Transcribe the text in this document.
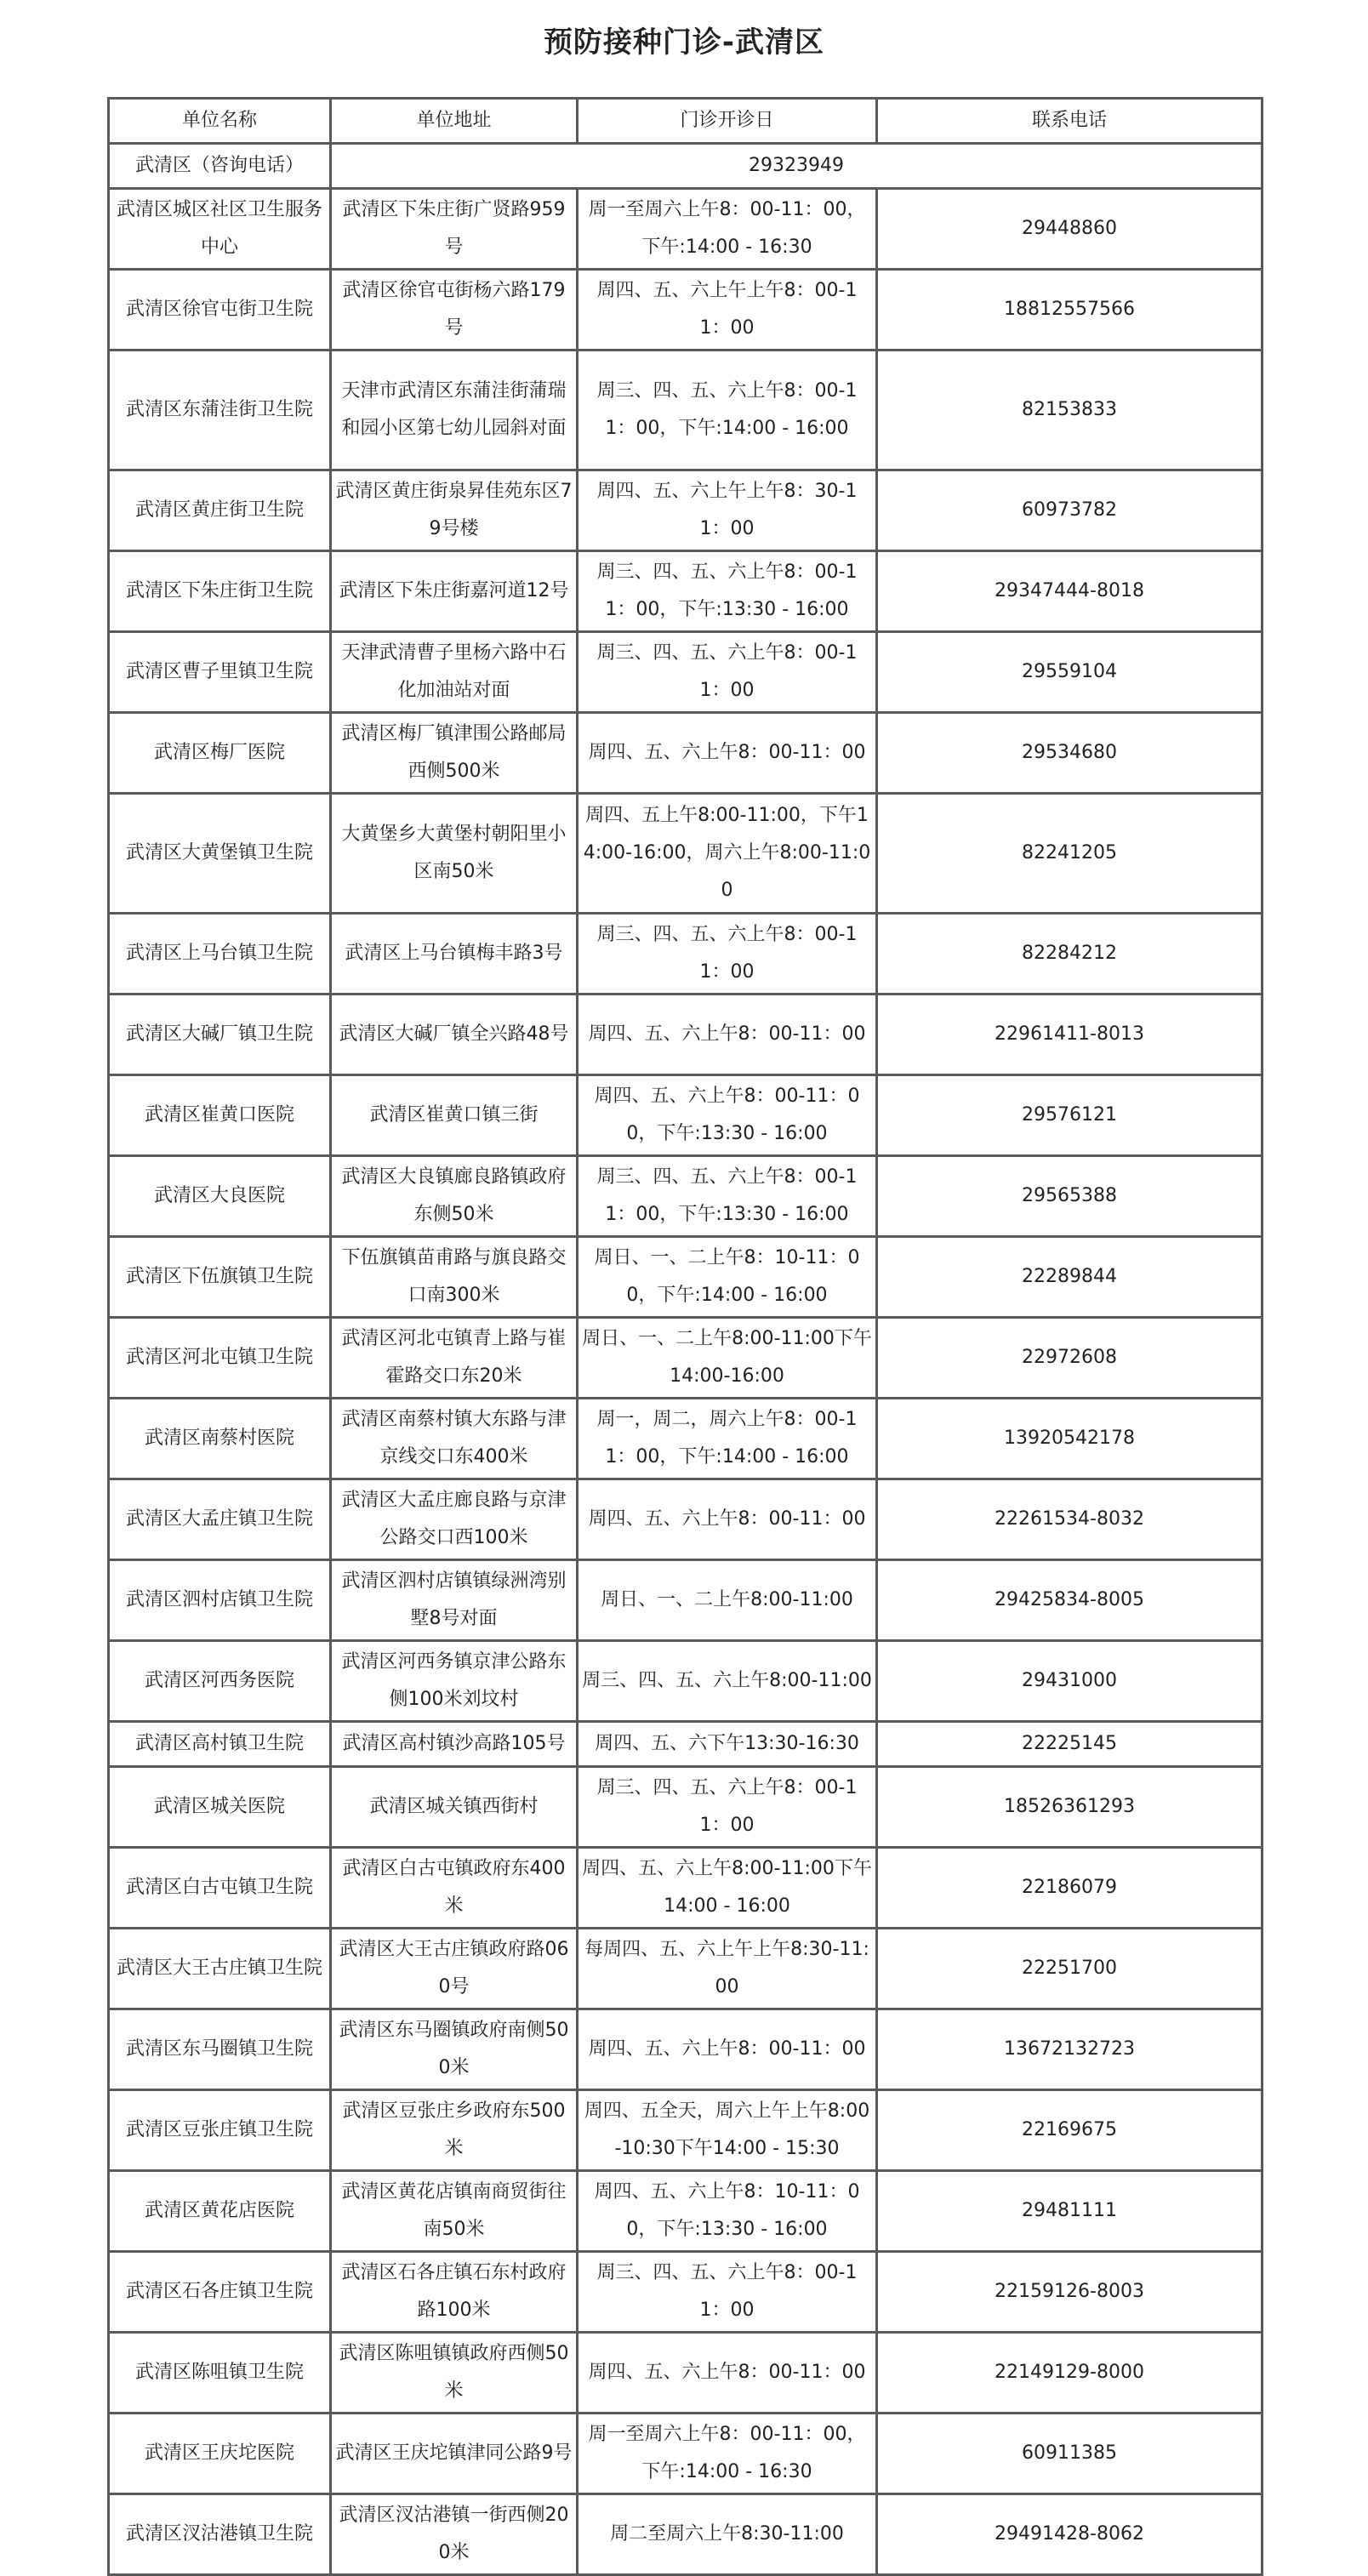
预防接种门诊-武清区
单位名称	单位地址	门诊开诊日	联系电话
武清区（咨询电话）	29323949		
武清区城区社区卫生服务中心	武清区下朱庄街广贤路959号	周一至周六上午8：00-11：00，下午:14:00 - 16:30	29448860
武清区徐官屯街卫生院	武清区徐官屯街杨六路179号	周四、五、六上午上午8：00-11：00	18812557566
武清区东蒲洼街卫生院	天津市武清区东蒲洼街蒲瑞和园小区第七幼儿园斜对面	周三、四、五、六上午8：00-11：00，下午:14:00 - 16:00	82153833
武清区黄庄街卫生院	武清区黄庄街泉昇佳苑东区79号楼	周四、五、六上午上午8：30-11：00	60973782
武清区下朱庄街卫生院	武清区下朱庄街嘉河道12号	周三、四、五、六上午8：00-11：00，下午:13:30 - 16:00	29347444-8018
武清区曹子里镇卫生院	天津武清曹子里杨六路中石化加油站对面	周三、四、五、六上午8：00-11：00	29559104
武清区梅厂医院	武清区梅厂镇津围公路邮局西侧500米	周四、五、六上午8：00-11：00	29534680
武清区大黄堡镇卫生院	大黄堡乡大黄堡村朝阳里小区南50米	周四、五上午8:00-11:00，下午14:00-16:00，周六上午8:00-11:00	82241205
武清区上马台镇卫生院	武清区上马台镇梅丰路3号	周三、四、五、六上午8：00-11：00	82284212
武清区大碱厂镇卫生院	武清区大碱厂镇全兴路48号	周四、五、六上午8：00-11：00	22961411-8013
武清区崔黄口医院	武清区崔黄口镇三街	周四、五、六上午8：00-11：00，下午:13:30 - 16:00	29576121
武清区大良医院	武清区大良镇廊良路镇政府东侧50米	周三、四、五、六上午8：00-11：00，下午:13:30 - 16:00	29565388
武清区下伍旗镇卫生院	下伍旗镇苗甫路与旗良路交口南300米	周日、一、二上午8：10-11：00，下午:14:00 - 16:00	22289844
武清区河北屯镇卫生院	武清区河北屯镇青上路与崔霍路交口东20米	周日、一、二上午8:00-11:00下午14:00-16:00	22972608
武清区南蔡村医院	武清区南蔡村镇大东路与津京线交口东400米	周一，周二，周六上午8：00-11：00，下午:14:00 - 16:00	13920542178
武清区大孟庄镇卫生院	武清区大孟庄廊良路与京津公路交口西100米	周四、五、六上午8：00-11：00	22261534-8032
武清区泗村店镇卫生院	武清区泗村店镇镇绿洲湾别墅8号对面	周日、一、二上午8:00-11:00	29425834-8005
武清区河西务医院	武清区河西务镇京津公路东侧100米刘坟村	周三、四、五、六上午8:00-11:00	29431000
武清区高村镇卫生院	武清区高村镇沙高路105号	周四、五、六下午13:30-16:30	22225145
武清区城关医院	武清区城关镇西街村	周三、四、五、六上午8：00-11：00	18526361293
武清区白古屯镇卫生院	武清区白古屯镇政府东400米	周四、五、六上午8:00-11:00下午14:00 - 16:00	22186079
武清区大王古庄镇卫生院	武清区大王古庄镇政府路060号	每周四、五、六上午上午8:30-11:00	22251700
武清区东马圈镇卫生院	武清区东马圈镇政府南侧500米	周四、五、六上午8：00-11：00	13672132723
武清区豆张庄镇卫生院	武清区豆张庄乡政府东500米	周四、五全天，周六上午上午8:00-10:30下午14:00 - 15:30	22169675
武清区黄花店医院	武清区黄花店镇南商贸街往南50米	周四、五、六上午8：10-11：00，下午:13:30 - 16:00	29481111
武清区石各庄镇卫生院	武清区石各庄镇石东村政府路100米	周三、四、五、六上午8：00-11：00	22159126-8003
武清区陈咀镇卫生院	武清区陈咀镇镇政府西侧50米	周四、五、六上午8：00-11：00	22149129-8000
武清区王庆坨医院	武清区王庆坨镇津同公路9号	周一至周六上午8：00-11：00，下午:14:00 - 16:30	60911385
武清区汊沽港镇卫生院	武清区汊沽港镇一街西侧200米	周二至周六上午8:30-11:00	29491428-8062
